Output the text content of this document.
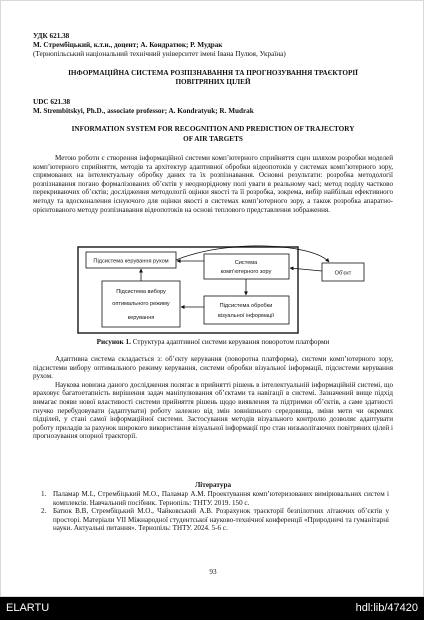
УДК 621.38
М. Стрембіцький, к.т.н., доцент; А. Кондратюк; Р. Мудрак
(Тернопільський національний технічний університет імені Івана Пулюя, Україна)
ІНФОРМАЦІЙНА СИСТЕМА РОЗПІЗНАВАННЯ ТА ПРОГНОЗУВАННЯ ТРАЄКТОРІЇ
ПОВІТРЯНИХ ЦІЛЕЙ
UDC 621.38
M. Strembitskyi, Ph.D., associate professor; A. Kondratyuk; R. Mudrak
INFORMATION SYSTEM FOR RECOGNITION AND PREDICTION OF TRAJECTORY
OF AIR TARGETS

Метою роботи є створення інформаційної системи комп’ютерного сприйняття сцен шляхом розробки моделей комп’ютерного сприйняття, методів та архітектур адаптивної обробки відеопотоків у системах комп’ютерного зору, спрямованих на інтелектуальну обробку даних та їх розпізнавання. Основні результати: розробка методології розпізнавання погано формалізованих об’єктів у неоднорідному полі уваги в реальному часі; метод поділу частково перекриваючих об’єктів; дослідження методології оцінки якості та її розробка, зокрема, вибір найбільш ефективного методу та вдосконалення існуючого для оцінки якості в системах комп’ютерного зору, а також розробка апаратно-орієнтованого методу розпізнавання відеопотоків на основі теплового представлення зображення.

Підсистема керування рухом	Система
комп’ютерного зору
Підсистема вибору
оптимального режиму
керування
Підсистема обробки
візуальної інформації
Об’єкт
Рисунок 1. Структура адаптивної системи керування поворотом платформи

Адаптивна система складається з: об’єкту керування (поворотна платформа), системи комп’ютерного зору, підсистеми вибору оптимального режиму керування, системи обробки візуальної інформації, підсистеми керування рухом.

Наукова новизна даного дослідження полягає в прийнятті рішень в інтелектуальній інформаційній системі, що враховує багатоетапність вирішення задач маніпулювання об’єктами та навігації в системі. Зазначений вище підхід вимагає появи нової властивості системи прийняття рішень щодо виявлення та підтримки об’єктів, а саме здатності гнучко перебудовувати (адаптувати) роботу залежно від змін зовнішнього середовища, зміни мети чи окремих підцілей, у стані самої інформаційної системи. Застосування методів візуального контролю дозволяє адаптувати роботу приладів за рахунок широкого використання візуальної інформації про стан низьколітаючих повітряних цілей і прогнозування опорної траєкторії.

Література
1. Паламар М.І., Стрембіцький М.О., Паламар А.М. Проектування комп’ютеризованих вимірювальних систем і комплексів. Навчальний посібник. Тернопіль: ТНТУ. 2019. 150 с.
2. Батюк В.В, Стрембіцький М.О., Чайковський А.В. Розрахунок траєкторії безпілотних літаючих об’єктів у просторі. Матеріали VII Міжнародної студентської науково-технічної конференції «Природничі та гуманітарні науки. Актуальні питання». Тернопіль: ТНТУ. 2024. 5-6 с.
93
ELARTU	hdl:lib/47420
